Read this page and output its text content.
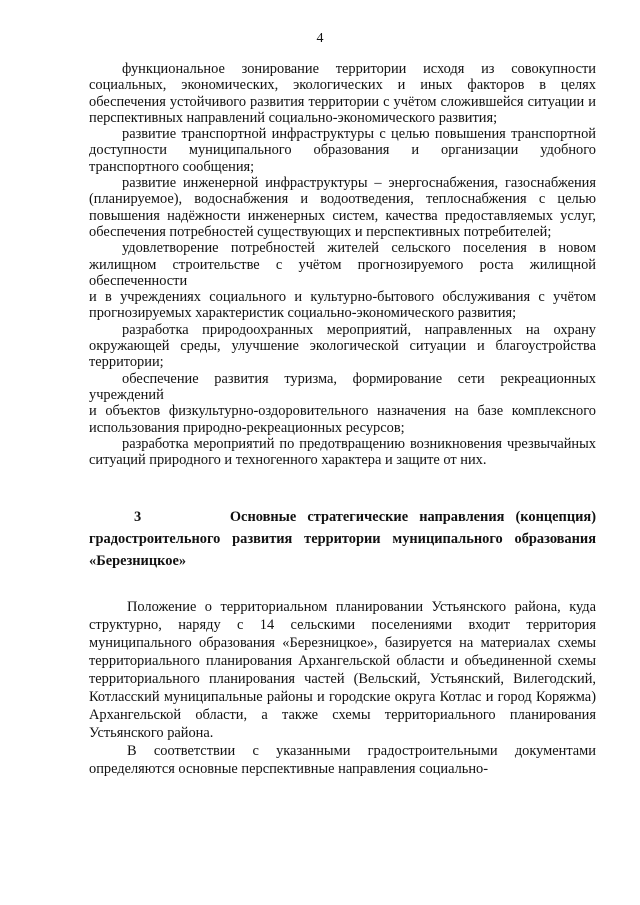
4

функциональное зонирование территории исходя из совокупности социальных, экономических, экологических и иных факторов в целях обеспечения устойчивого развития территории с учётом сложившейся ситуации и перспективных направлений социально-экономического развития;

развитие транспортной инфраструктуры с целью повышения транспортной доступности муниципального образования и организации удобного транспортного сообщения;

развитие инженерной инфраструктуры – энергоснабжения, газоснабжения (планируемое), водоснабжения и водоотведения, теплоснабжения с целью повышения надёжности инженерных систем, качества предоставляемых услуг, обеспечения потребностей существующих и перспективных потребителей;

удовлетворение потребностей жителей сельского поселения в новом жилищном строительстве с учётом прогнозируемого роста жилищной обеспеченности

и в учреждениях социального и культурно-бытового обслуживания с учётом прогнозируемых характеристик социально-экономического развития;

разработка природоохранных мероприятий, направленных на охрану окружающей среды, улучшение экологической ситуации и благоустройства территории;

обеспечение развития туризма, формирование сети рекреационных учреждений

и объектов физкультурно-оздоровительного назначения на базе комплексного использования природно-рекреационных ресурсов;

разработка мероприятий по предотвращению возникновения чрезвычайных ситуаций природного и техногенного характера и защите от них.

3	Основные стратегические направления (концепция) градостроительного развития территории муниципального образования «Березницкое»

Положение о территориальном планировании Устьянского района, куда структурно, наряду с 14 сельскими поселениями входит территория муниципального образования «Березницкое», базируется на материалах схемы территориального планирования Архангельской области и объединенной схемы территориального планирования частей (Вельский, Устьянский, Вилегодский, Котласский муниципальные районы и городские округа Котлас и город Коряжма) Архангельской области, а также схемы территориального планирования Устьянского района.

В соответствии с указанными градостроительными документами определяются основные перспективные направления социально-
